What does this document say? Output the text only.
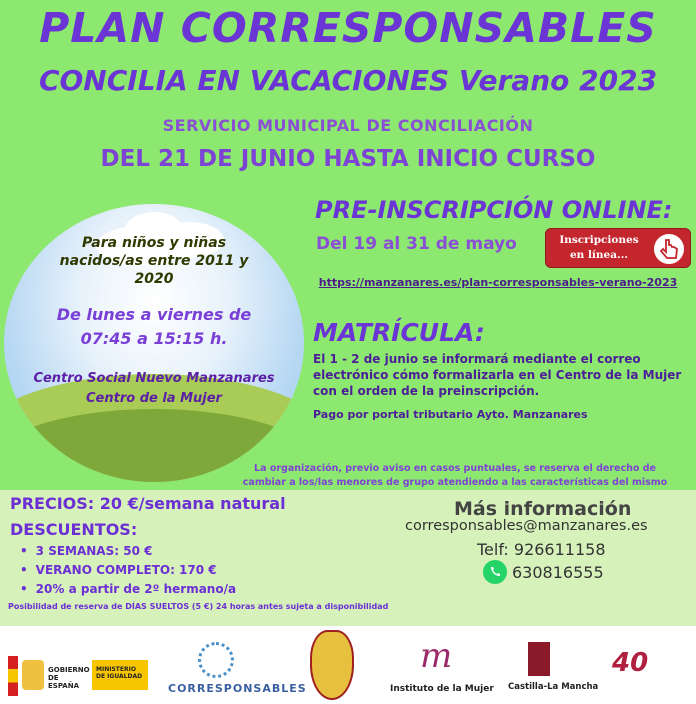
PLAN CORRESPONSABLES
CONCILIA EN VACACIONES Verano 2023
SERVICIO MUNICIPAL DE CONCILIACIÓN
DEL 21 DE JUNIO HASTA INICIO CURSO
Para niños y niñas
nacidos/as entre 2011 y
2020
De lunes a viernes de
07:45 a 15:15 h.
Centro Social Nuevo Manzanares
Centro de la Mujer
PRE-INSCRIPCIÓN ONLINE:
Del 19 al 31 de mayo	Inscripciones
en línea...
https://manzanares.es/plan-corresponsables-verano-2023
MATRÍCULA:
El 1 - 2 de junio se informará mediante el correo electrónico cómo formalizarla en el Centro de la Mujer con el orden de la preinscripción.
Pago por portal tributario Ayto. Manzanares
La organización, previo aviso en casos puntuales, se reserva el derecho de
cambiar a los/las menores de grupo atendiendo a las características del mismo
PRECIOS: 20 €/semana natural
DESCUENTOS:
• 3 SEMANAS: 50 €
• VERANO COMPLETO: 170 €
• 20% a partir de 2º hermano/a
Posibilidad de reserva de DÍAS SUELTOS (5 €) 24 horas antes sujeta a disponibilidad
Más información
corresponsables@manzanares.es
Telf: 926611158
630816555
GOBIERNO DE ESPAÑA
MINISTERIO DE IGUALDAD
CORRESPONSABLES
m
Instituto de la Mujer Castilla-La Mancha
40
